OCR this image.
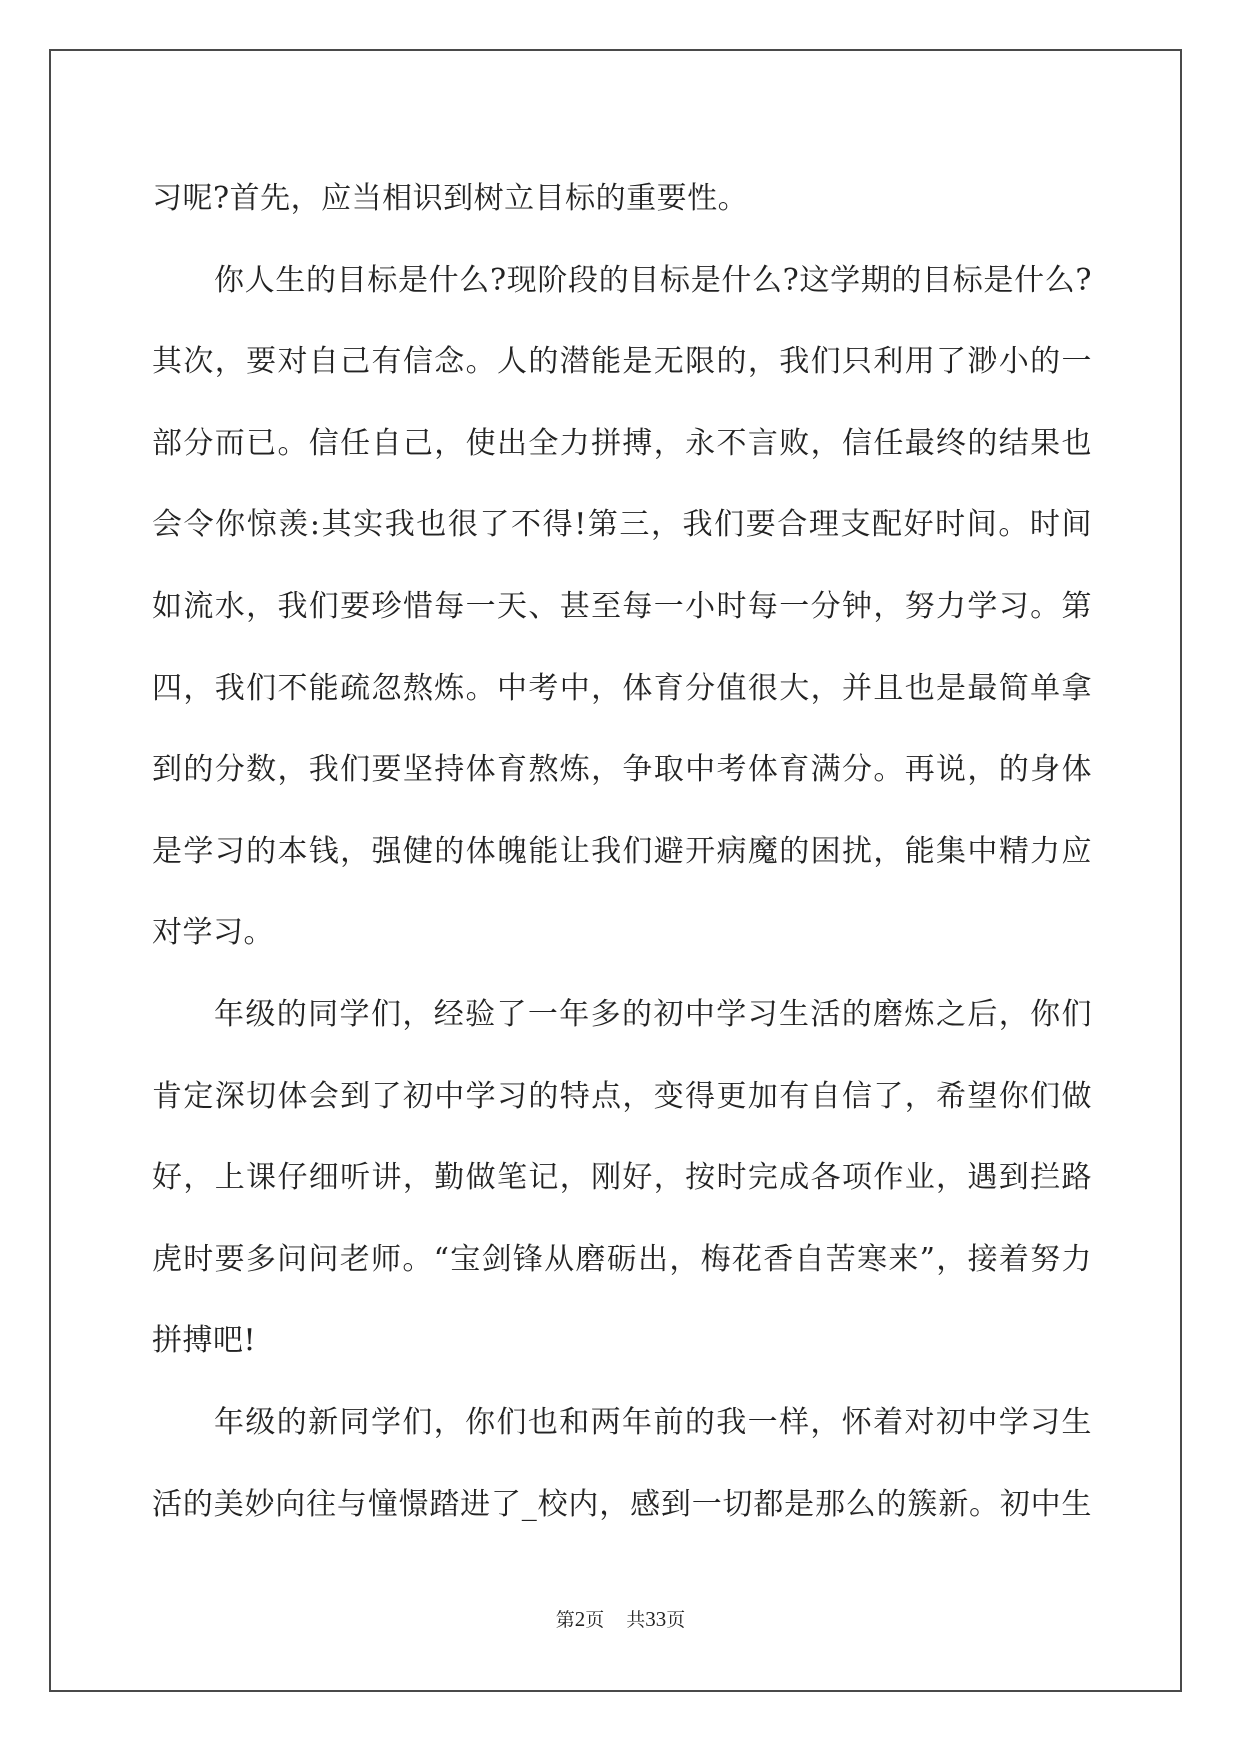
习呢?首先，应当相识到树立目标的重要性。
你人生的目标是什么?现阶段的目标是什么?这学期的目标是什么?
其次，要对自己有信念。人的潜能是无限的，我们只利用了渺小的一
部分而已。信任自己，使出全力拼搏，永不言败，信任最终的结果也
会令你惊羡:其实我也很了不得!第三，我们要合理支配好时间。时间
如流水，我们要珍惜每一天、甚至每一小时每一分钟，努力学习。第
四，我们不能疏忽熬炼。中考中，体育分值很大，并且也是最简单拿
到的分数，我们要坚持体育熬炼，争取中考体育满分。再说，的身体
是学习的本钱，强健的体魄能让我们避开病魔的困扰，能集中精力应
对学习。
年级的同学们，经验了一年多的初中学习生活的磨炼之后，你们
肯定深切体会到了初中学习的特点，变得更加有自信了，希望你们做
好，上课仔细听讲，勤做笔记，刚好，按时完成各项作业，遇到拦路
虎时要多问问老师。“宝剑锋从磨砺出，梅花香自苦寒来”，接着努力
拼搏吧!
年级的新同学们，你们也和两年前的我一样，怀着对初中学习生
活的美妙向往与憧憬踏进了_校内，感到一切都是那么的簇新。初中生
第2页 共33页
